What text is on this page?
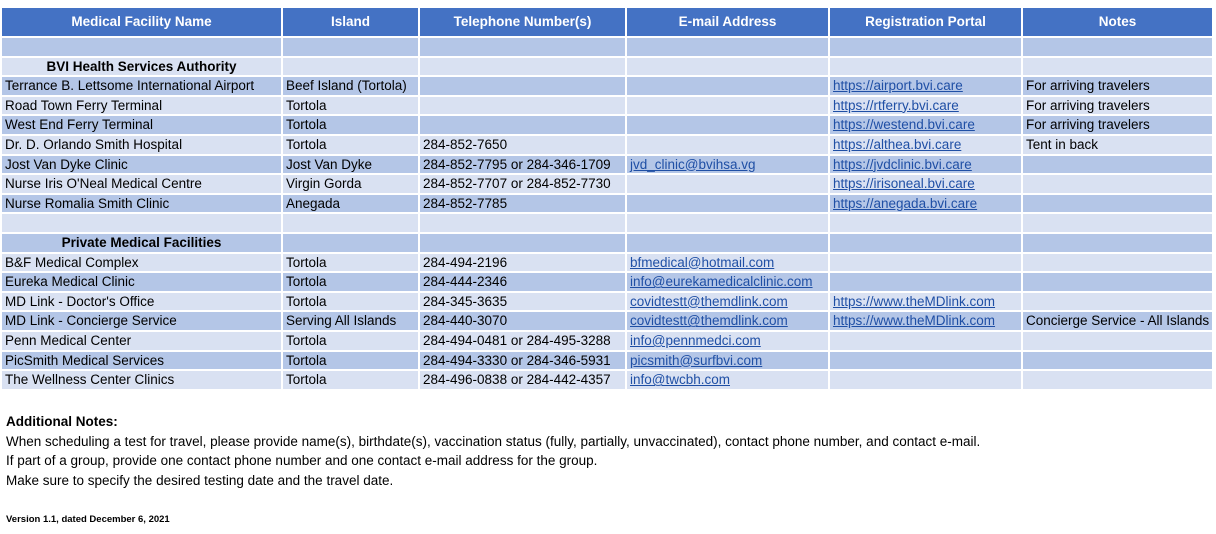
Medical Facility Name	Island	Telephone Number(s)	E-mail Address	Registration Portal	Notes

BVI Health Services Authority					
Terrance B. Lettsome International Airport	Beef Island (Tortola)			https://airport.bvi.care	For arriving travelers
Road Town Ferry Terminal	Tortola			https://rtferry.bvi.care	For arriving travelers
West End Ferry Terminal	Tortola			https://westend.bvi.care	For arriving travelers
Dr. D. Orlando Smith Hospital	Tortola	284-852-7650		https://althea.bvi.care	Tent in back
Jost Van Dyke Clinic	Jost Van Dyke	284-852-7795 or 284-346-1709	jvd_clinic@bvihsa.vg	https://jvdclinic.bvi.care	
Nurse Iris O'Neal Medical Centre	Virgin Gorda	284-852-7707 or 284-852-7730		https://irisoneal.bvi.care	
Nurse Romalia Smith Clinic	Anegada	284-852-7785		https://anegada.bvi.care	

Private Medical Facilities					
B&F Medical Complex	Tortola	284-494-2196	bfmedical@hotmail.com		
Eureka Medical Clinic	Tortola	284-444-2346	info@eurekamedicalclinic.com		
MD Link - Doctor's Office	Tortola	284-345-3635	covidtestt@themdlink.com	https://www.theMDlink.com	
MD Link - Concierge Service	Serving All Islands	284-440-3070	covidtestt@themdlink.com	https://www.theMDlink.com	Concierge Service - All Islands
Penn Medical Center	Tortola	284-494-0481 or 284-495-3288	info@pennmedci.com		
PicSmith Medical Services	Tortola	284-494-3330 or 284-346-5931	picsmith@surfbvi.com		
The Wellness Center Clinics	Tortola	284-496-0838 or 284-442-4357	info@twcbh.com		
Additional Notes:
When scheduling a test for travel, please provide name(s), birthdate(s), vaccination status (fully, partially, unvaccinated), contact phone number, and contact e-mail.
If part of a group, provide one contact phone number and one contact e-mail address for the group.
Make sure to specify the desired testing date and the travel date.
Version 1.1, dated December 6, 2021
